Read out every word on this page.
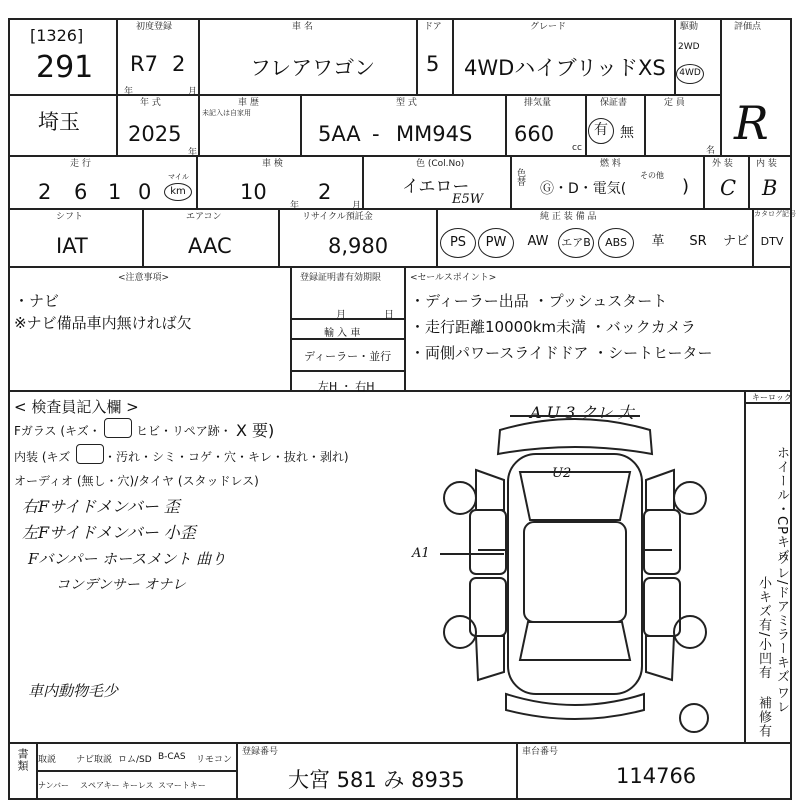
[1326]
291
初度登録
R7 2
年	月
車 名
フレアワゴン
ドア
5
グレード
4WDハイブリッドXS
駆動
2WD
4WD
評価点
R
埼玉
年 式
2025
年
車 歴
未記入は自家用
型 式
5AA - MM94S
排気量
660
cc
保証書
有 無
定 員
名
走 行
2 6 1 0
マイル
km
車 検
10
年
2
月
色 (Col.No)
イエロー
E5W
色替
燃 料
Ⓖ・D・電気(
その他
)
外 装
C
内 装
B
シフト
IAT
エアコン
AAC
リサイクル預託金
8,980
純 正 装 備 品	カタログ記号
PS	PW	AW	エアB	ABS	革	SR	ナビ	DTV
<注意事項>
・ナビ
※ナビ備品車内無ければ欠
登録証明書有効期限
月	日
輸 入 車
ディーラー・並行
左H ・ 右H
<セールスポイント>
・ディーラー出品 ・プッシュスタート
・走行距離10000km未満 ・バックカメラ
・両側パワースライドドア ・シートヒーター
< 検査員記入欄 >
Fガラス (キズ・	ヒビ・リペア跡・ X 要)
内装 (キズ	・汚れ・シミ・コゲ・穴・キレ・抜れ・剥れ)
オーディオ (無し・穴)/タイヤ (スタッドレス)
右Fサイドメンバー 歪
左Fサイドメンバー 小歪
Fバンパー ホースメント 曲り
コンデンサー オナレ
車内動物毛少
A U 3 クレ 大
U2
A1
キーロック
ホイール・CPキズ
ワレ/ドアミラーキズ
ワレ
小キズ有/小凹有
補修有
書類 取説 ナビ取説 ロム/SD B-CAS リモコン
ナンバー スペアキー キーレス スマートキー
登録番号
大宮 581 み 8935
車台番号
114766
